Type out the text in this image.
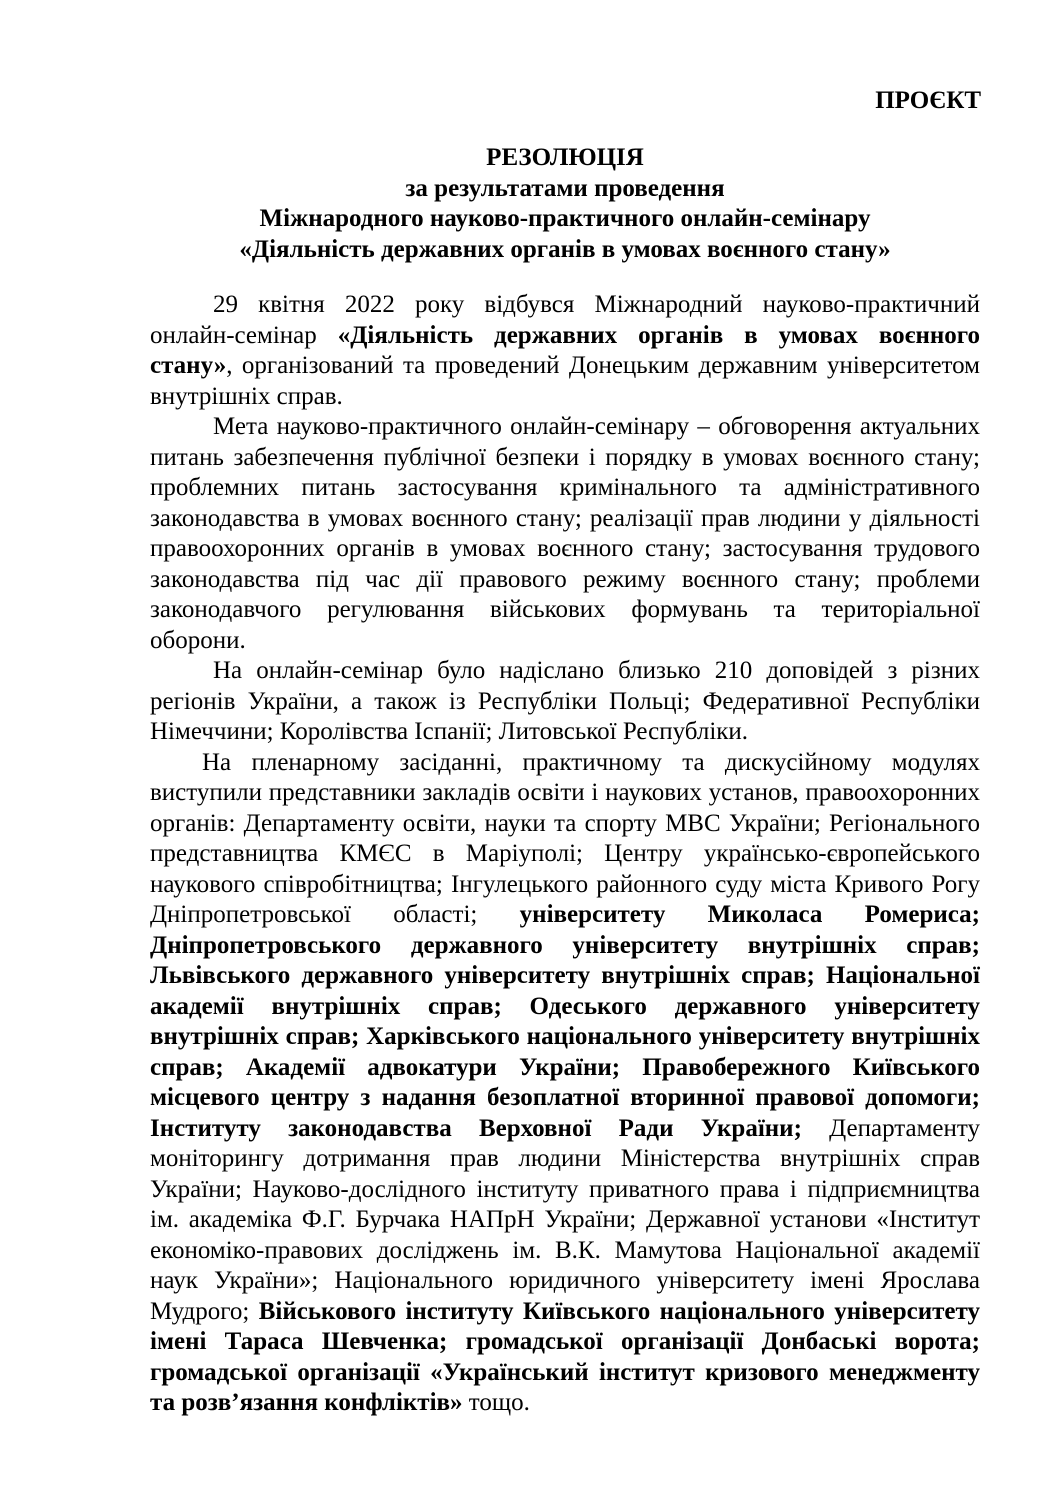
ПРОЄКТ
РЕЗОЛЮЦІЯ
за результатами проведення
Міжнародного науково-практичного онлайн-семінару
«Діяльність державних органів в умовах воєнного стану»

29 квітня 2022 року відбувся Міжнародний науково-практичний онлайн-семінар «Діяльність державних органів в умовах воєнного стану», організований та проведений Донецьким державним університетом внутрішніх справ.

Мета науково-практичного онлайн-семінару – обговорення актуальних питань забезпечення публічної безпеки і порядку в умовах воєнного стану; проблемних питань застосування кримінального та адміністративного законодавства в умовах воєнного стану; реалізації прав людини у діяльності правоохоронних органів в умовах воєнного стану; застосування трудового законодавства під час дії правового режиму воєнного стану; проблеми законодавчого регулювання військових формувань та територіальної оборони.

На онлайн-семінар було надіслано близько 210 доповідей з різних регіонів України, а також із Республіки Польці; Федеративної Республіки Німеччини; Королівства Іспанії; Литовської Республіки.

На пленарному засіданні, практичному та дискусійному модулях виступили представники закладів освіти і наукових установ, правоохоронних органів: Департаменту освіти, науки та спорту МВС України; Регіонального представництва КМЄС в Маріуполі; Центру українсько-європейського наукового співробітництва; Інгулецького районного суду міста Кривого Рогу Дніпропетровської області; університету Миколаса Ромериса; Дніпропетровського державного університету внутрішніх справ; Львівського державного університету внутрішніх справ; Національної академії внутрішніх справ; Одеського державного університету внутрішніх справ; Харківського національного університету внутрішніх справ; Академії адвокатури України; Правобережного Київського місцевого центру з надання безоплатної вторинної правової допомоги; Інституту законодавства Верховної Ради України; Департаменту моніторингу дотримання прав людини Міністерства внутрішніх справ України; Науково-дослідного інституту приватного права і підприємництва ім. академіка Ф.Г. Бурчака НАПрН України; Державної установи «Інститут економіко-правових досліджень ім. В.К. Мамутова Національної академії наук України»; Національного юридичного університету імені Ярослава Мудрого; Військового інституту Київського національного університету імені Тараса Шевченка; громадської організації Донбаські ворота; громадської організації «Український інститут кризового менеджменту та розв’язання конфліктів» тощо.
